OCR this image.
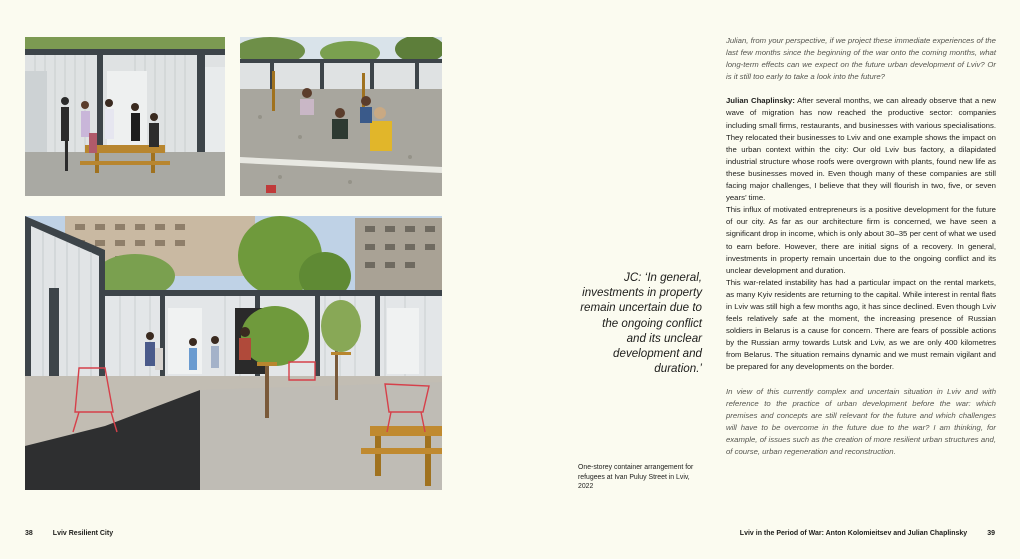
One-storey container arrangement for refugees at Ivan Puluy Street in Lviv, 2022
JC: ‘In general, investments in property remain uncertain due to the ongoing conflict and its unclear development and duration.’

Julian, from your perspective, if we project these immediate experiences of the last few months since the beginning of the war onto the coming months, what long-term effects can we expect on the future urban development of Lviv? Or is it still too early to take a look into the future?

Julian Chaplinsky: After several months, we can already observe that a new wave of migration has now reached the productive sector: companies including small firms, restaurants, and businesses with various specialisations. They relocated their businesses to Lviv and one example shows the impact on the urban context within the city: Our old Lviv bus factory, a dilapidated industrial structure whose roofs were overgrown with plants, found new life as these businesses moved in. Even though many of these companies are still facing major challenges, I believe that they will flourish in two, five, or seven years’ time.

This influx of motivated entrepreneurs is a positive development for the future of our city. As far as our architecture firm is concerned, we have seen a significant drop in income, which is only about 30–35 per cent of what we used to earn before. However, there are initial signs of a recovery. In general, investments in property remain uncertain due to the ongoing conflict and its unclear development and duration.

This war-related instability has had a particular impact on the rental markets, as many Kyiv residents are returning to the capital. While interest in rental flats in Lviv was still high a few months ago, it has since declined. Even though Lviv feels relatively safe at the moment, the increasing presence of Russian soldiers in Belarus is a cause for concern. There are fears of possible actions by the Russian army towards Lutsk and Lviv, as we are only 400 kilometres from Belarus. The situation remains dynamic and we must remain vigilant and be prepared for any developments on the border.

In view of this currently complex and uncertain situation in Lviv and with reference to the practice of urban development before the war: which premises and concepts are still relevant for the future and which challenges will have to be overcome in the future due to the war? I am thinking, for example, of issues such as the creation of more resilient urban structures and, of course, urban regeneration and reconstruction.

38	Lviv Resilient City	Lviv in the Period of War: Anton Kolomieitsev and Julian Chaplinsky	39
